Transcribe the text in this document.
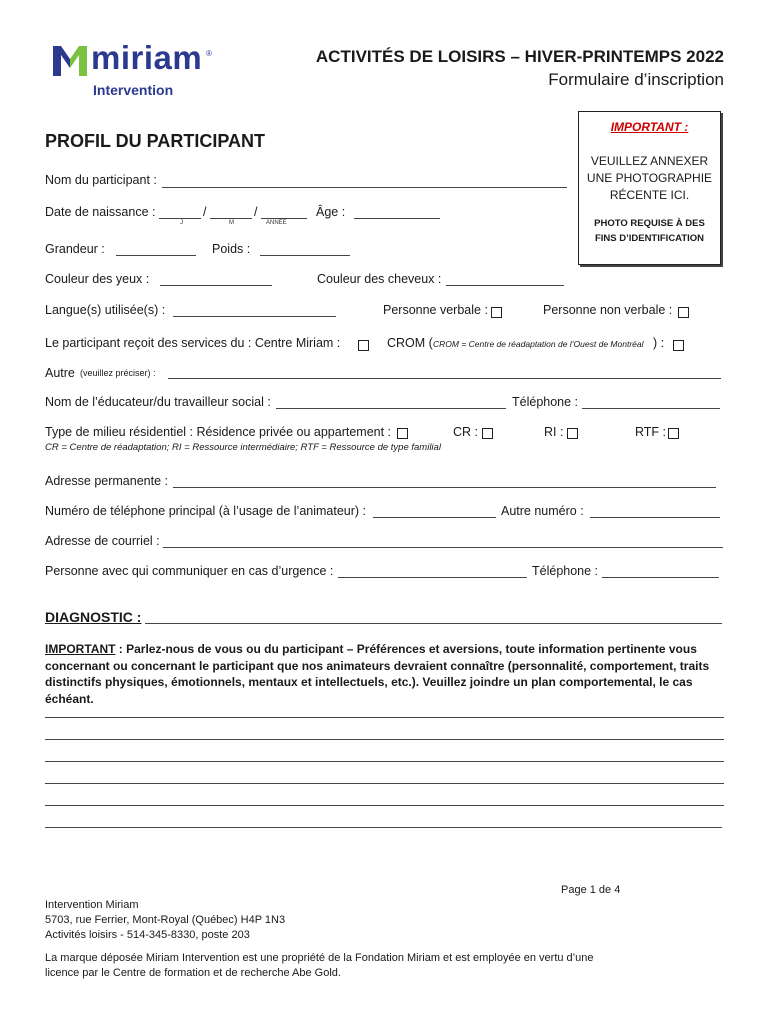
miriam ®
Intervention
ACTIVITÉS DE LOISIRS – HIVER-PRINTEMPS 2022
Formulaire d’inscription
PROFIL DU PARTICIPANT
IMPORTANT :
VEUILLEZ ANNEXER
UNE PHOTOGRAPHIE
RÉCENTE ICI.
PHOTO REQUISE À DES
FINS D’IDENTIFICATION
Nom du participant :
Date de naissance :	/	/
J	M	ANNÉE
Âge :
Grandeur :	Poids :
Couleur des yeux :	Couleur des cheveux :
Langue(s) utilisée(s) :	Personne verbale :	Personne non verbale :
Le participant reçoit des services du : Centre Miriam :	CROM ( CROM = Centre de réadaptation de l’Ouest de Montréal ) :
Autre (veuillez préciser) :
Nom de l’éducateur/du travailleur social :	Téléphone :
Type de milieu résidentiel : Résidence privée ou appartement :	CR :	RI :	RTF :
CR = Centre de réadaptation; RI = Ressource intermédiaire; RTF = Ressource de type familial
Adresse permanente :
Numéro de téléphone principal (à l’usage de l’animateur) :	Autre numéro :
Adresse de courriel :
Personne avec qui communiquer en cas d’urgence :	Téléphone :
DIAGNOSTIC :
IMPORTANT : Parlez-nous de vous ou du participant – Préférences et aversions, toute information pertinente vous concernant ou concernant le participant que nos animateurs devraient connaître (personnalité, comportement, traits distinctifs physiques, émotionnels, mentaux et intellectuels, etc.). Veuillez joindre un plan comportemental, le cas échéant.
Page 1 de 4
Intervention Miriam
5703, rue Ferrier, Mont-Royal (Québec) H4P 1N3
Activités loisirs - 514-345-8330, poste 203
La marque déposée Miriam Intervention est une propriété de la Fondation Miriam et est employée en vertu d’une
licence par le Centre de formation et de recherche Abe Gold.
